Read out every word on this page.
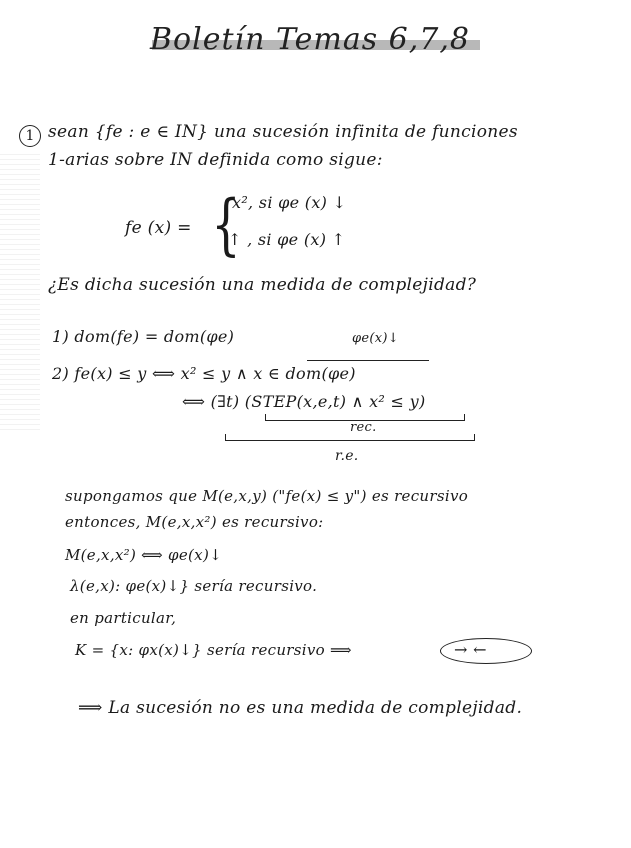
Boletín Temas 6,7,8
1 sean {fe : e ∈ IN} una sucesión infinita de funciones
1-arias sobre IN definida como sigue:
fe (x) = {
x², si φe (x) ↓
↑ , si φe (x) ↑
¿Es dicha sucesión una medida de complejidad?
1) dom(fe) = dom(φe)	φe(x)↓
2) fe(x) ≤ y ⟺ x² ≤ y ∧ x ∈ dom(φe)
⟺ (∃t) (STEP(x,e,t) ∧ x² ≤ y)
rec.
r.e.
supongamos que M(e,x,y) ("fe(x) ≤ y") es recursivo
entonces, M(e,x,x²) es recursivo:
M(e,x,x²) ⟺ φe(x)↓
λ(e,x): φe(x)↓} sería recursivo.
en particular,
K = {x: φx(x)↓} sería recursivo ⟹	→ ←
⟹ La sucesión no es una medida de complejidad.
